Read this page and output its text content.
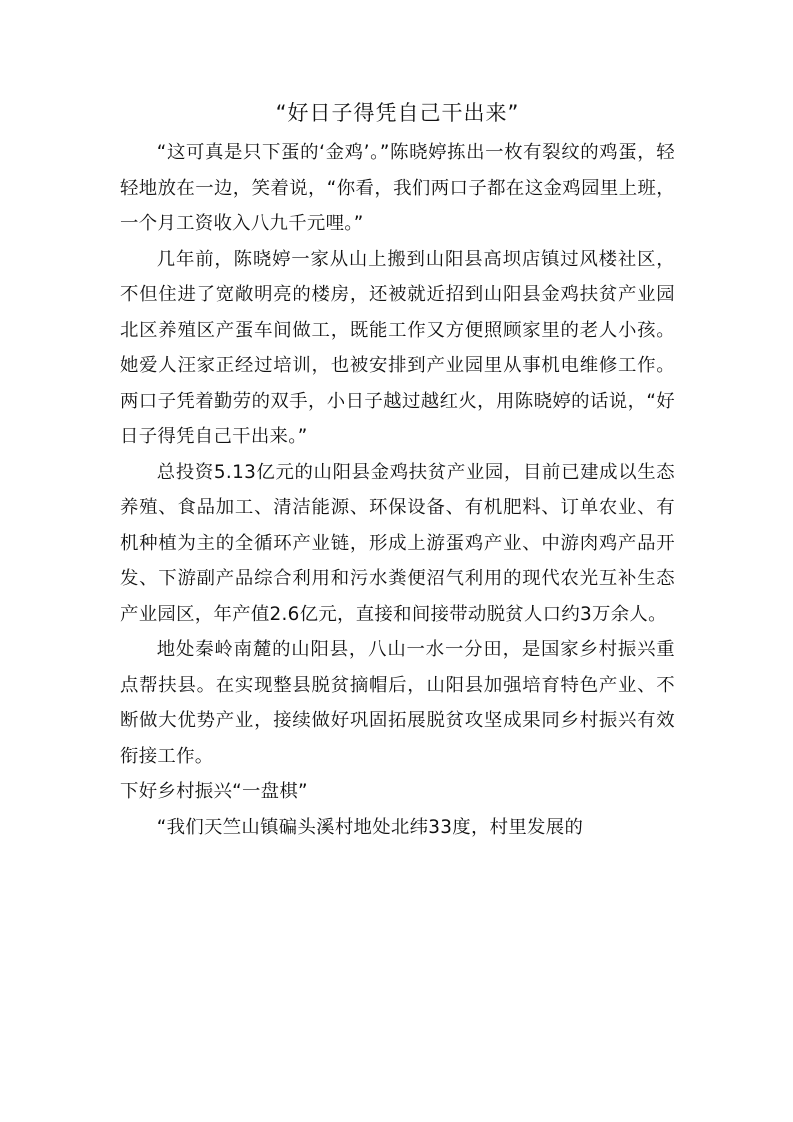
“好日子得凭自己干出来”

“这可真是只下蛋的‘金鸡’。”陈晓婷拣出一枚有裂纹的鸡蛋，轻轻地放在一边，笑着说，“你看，我们两口子都在这金鸡园里上班，一个月工资收入八九千元哩。”

几年前，陈晓婷一家从山上搬到山阳县高坝店镇过风楼社区，不但住进了宽敞明亮的楼房，还被就近招到山阳县金鸡扶贫产业园北区养殖区产蛋车间做工，既能工作又方便照顾家里的老人小孩。她爱人汪家正经过培训，也被安排到产业园里从事机电维修工作。两口子凭着勤劳的双手，小日子越过越红火，用陈晓婷的话说，“好日子得凭自己干出来。”

总投资5.13亿元的山阳县金鸡扶贫产业园，目前已建成以生态养殖、食品加工、清洁能源、环保设备、有机肥料、订单农业、有机种植为主的全循环产业链，形成上游蛋鸡产业、中游肉鸡产品开发、下游副产品综合利用和污水粪便沼气利用的现代农光互补生态产业园区，年产值2.6亿元，直接和间接带动脱贫人口约3万余人。

地处秦岭南麓的山阳县，八山一水一分田，是国家乡村振兴重点帮扶县。在实现整县脱贫摘帽后，山阳县加强培育特色产业、不断做大优势产业，接续做好巩固拓展脱贫攻坚成果同乡村振兴有效衔接工作。

下好乡村振兴“一盘棋”

“我们天竺山镇碥头溪村地处北纬33度，村里发展的
